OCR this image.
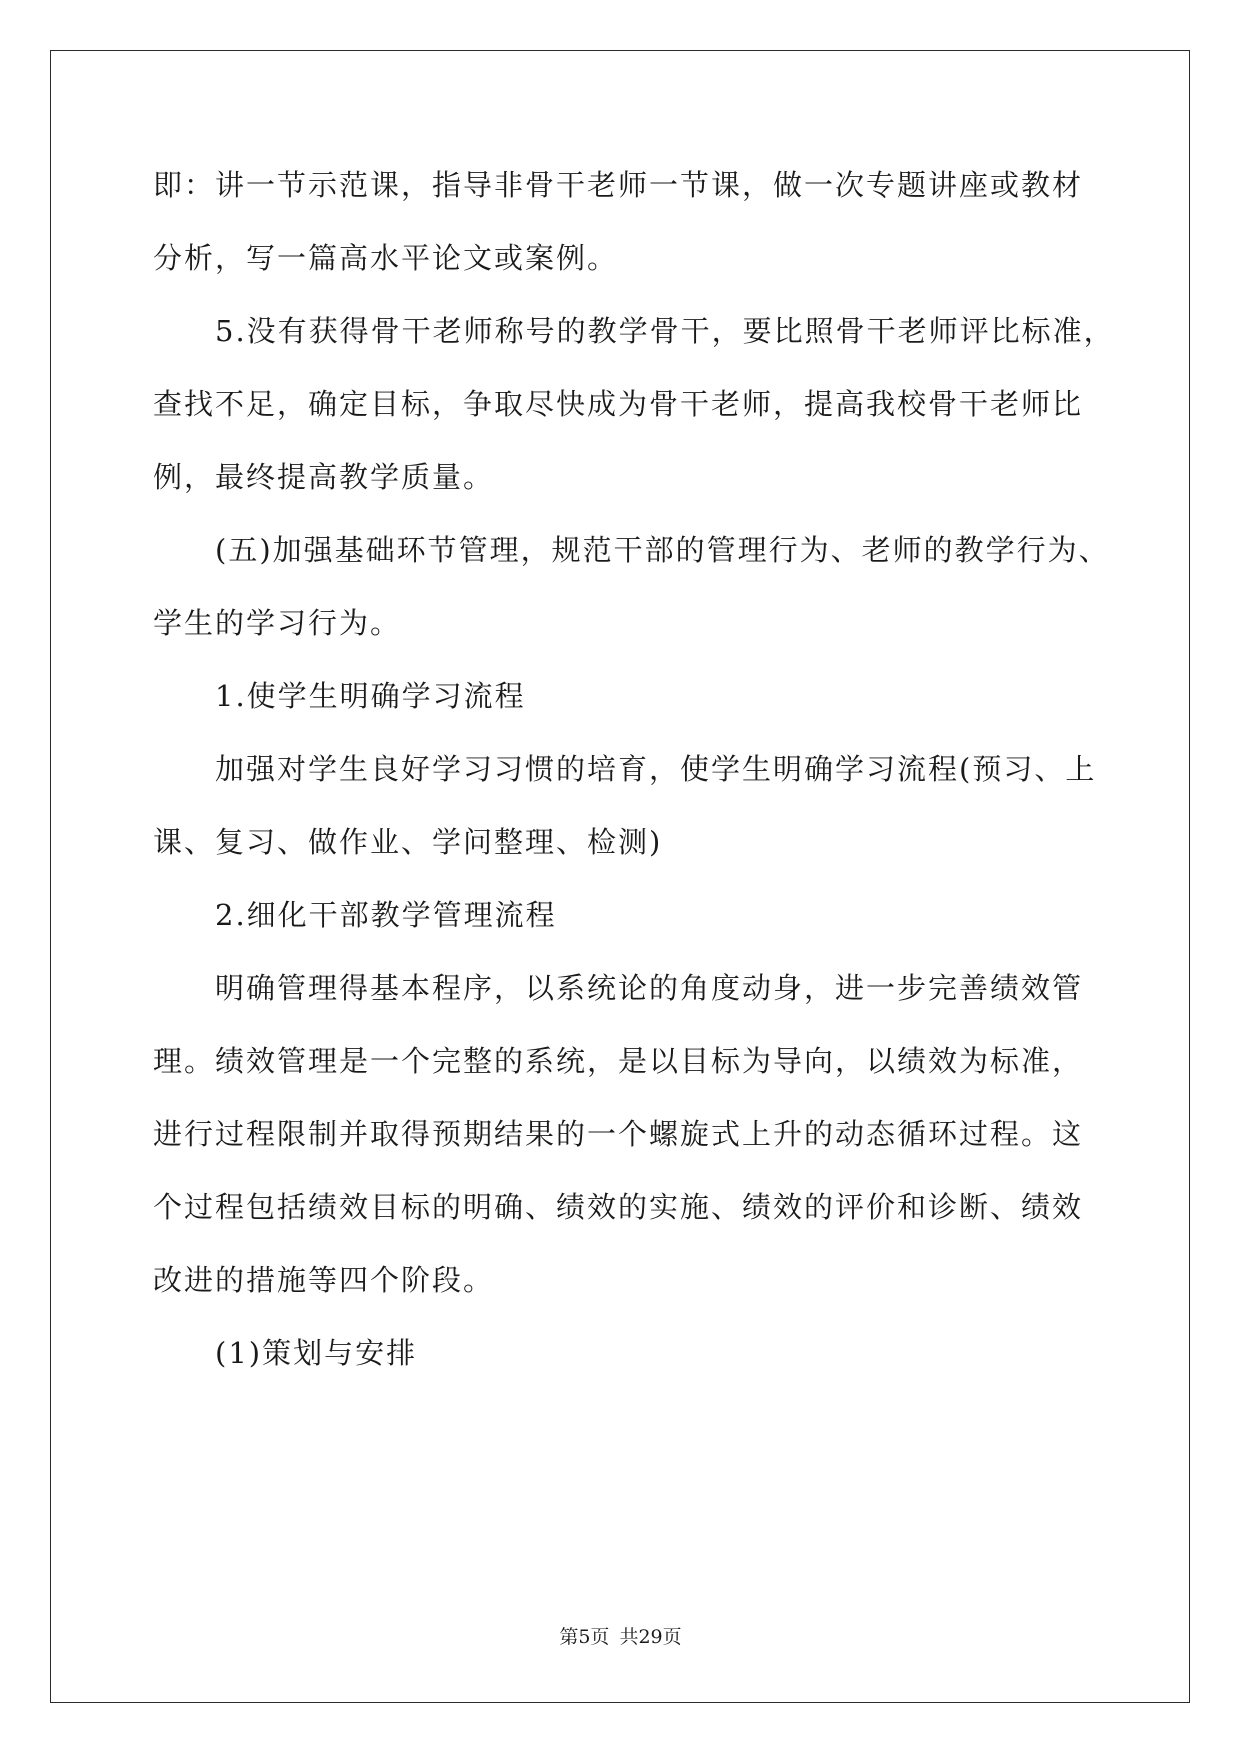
即：讲一节示范课，指导非骨干老师一节课，做一次专题讲座或教材
分析，写一篇高水平论文或案例。
5.没有获得骨干老师称号的教学骨干，要比照骨干老师评比标准，
查找不足，确定目标，争取尽快成为骨干老师，提高我校骨干老师比
例，最终提高教学质量。
(五)加强基础环节管理，规范干部的管理行为、老师的教学行为、
学生的学习行为。
1.使学生明确学习流程
加强对学生良好学习习惯的培育，使学生明确学习流程(预习、上
课、复习、做作业、学问整理、检测)
2.细化干部教学管理流程
明确管理得基本程序，以系统论的角度动身，进一步完善绩效管
理。绩效管理是一个完整的系统，是以目标为导向，以绩效为标准，
进行过程限制并取得预期结果的一个螺旋式上升的动态循环过程。这
个过程包括绩效目标的明确、绩效的实施、绩效的评价和诊断、绩效
改进的措施等四个阶段。
(1)策划与安排
第5页 共29页
